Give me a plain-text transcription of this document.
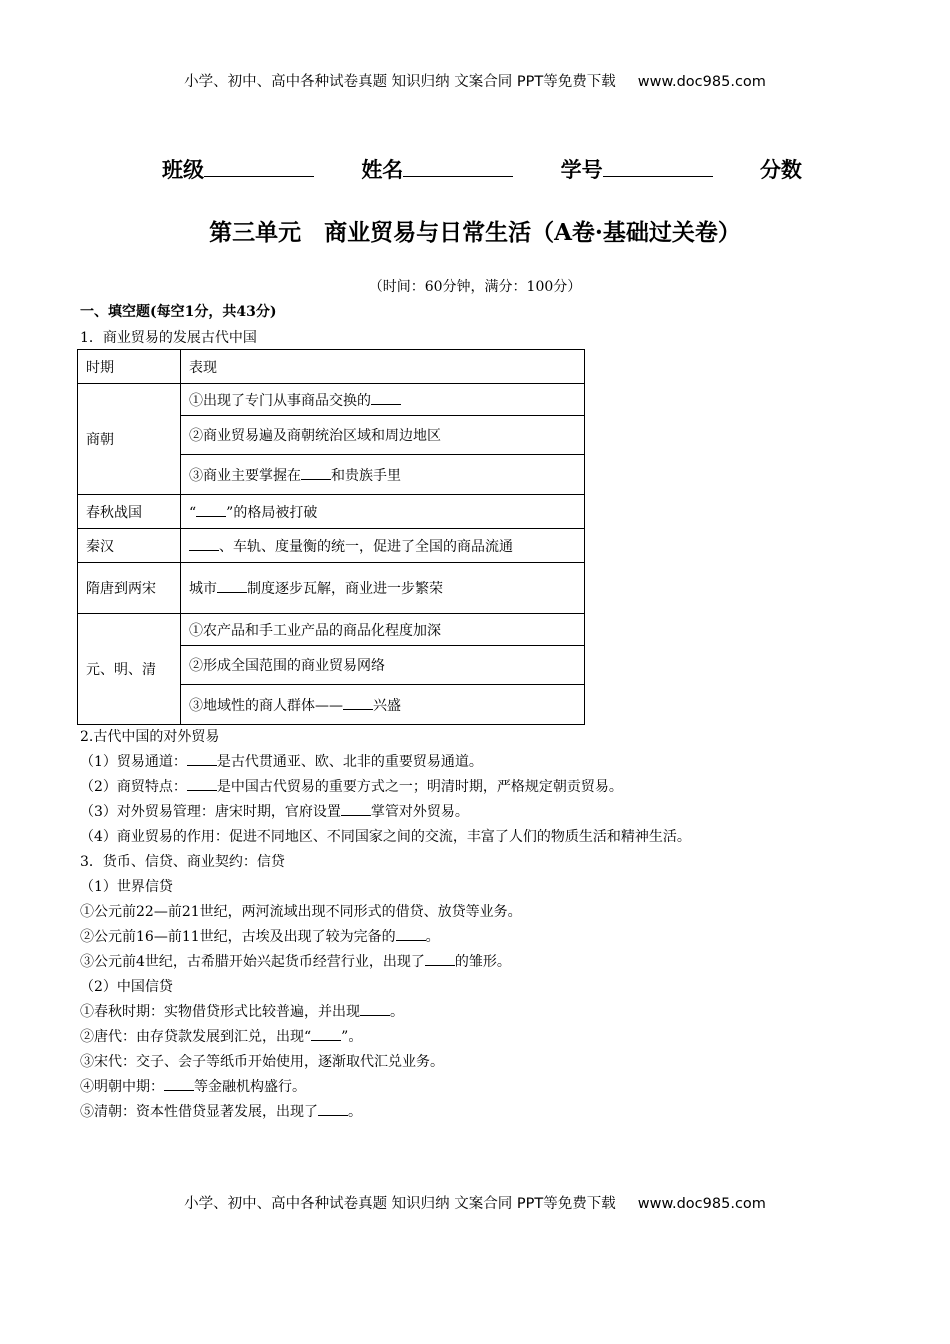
小学、初中、高中各种试卷真题 知识归纳 文案合同 PPT等免费下载 www.doc985.com
班级	姓名	学号	分数
第三单元　商业贸易与日常生活（A卷·基础过关卷）
（时间：60分钟，满分：100分）
一、填空题(每空1分，共43分)
1．商业贸易的发展古代中国
时期	表现
商朝	①出现了专门从事商品交换的
	②商业贸易遍及商朝统治区域和周边地区
	③商业主要掌握在 和贵族手里
春秋战国	“ ”的格局被打破
秦汉	、车轨、度量衡的统一，促进了全国的商品流通
隋唐到两宋	城市 制度逐步瓦解，商业进一步繁荣
元、明、清	①农产品和手工业产品的商品化程度加深
	②形成全国范围的商业贸易网络
	③地域性的商人群体—— 兴盛
2.古代中国的对外贸易
（1）贸易通道： 是古代贯通亚、欧、北非的重要贸易通道。
（2）商贸特点： 是中国古代贸易的重要方式之一；明清时期，严格规定朝贡贸易。
（3）对外贸易管理：唐宋时期，官府设置 掌管对外贸易。
（4）商业贸易的作用：促进不同地区、不同国家之间的交流，丰富了人们的物质生活和精神生活。
3．货币、信贷、商业契约：信贷
（1）世界信贷
①公元前22—前21世纪，两河流域出现不同形式的借贷、放贷等业务。
②公元前16—前11世纪，古埃及出现了较为完备的 。
③公元前4世纪，古希腊开始兴起货币经营行业，出现了 的雏形。
（2）中国信贷
①春秋时期：实物借贷形式比较普遍，并出现 。
②唐代：由存贷款发展到汇兑，出现“ ”。
③宋代：交子、会子等纸币开始使用，逐渐取代汇兑业务。
④明朝中期： 等金融机构盛行。
⑤清朝：资本性借贷显著发展，出现了 。
小学、初中、高中各种试卷真题 知识归纳 文案合同 PPT等免费下载 www.doc985.com
